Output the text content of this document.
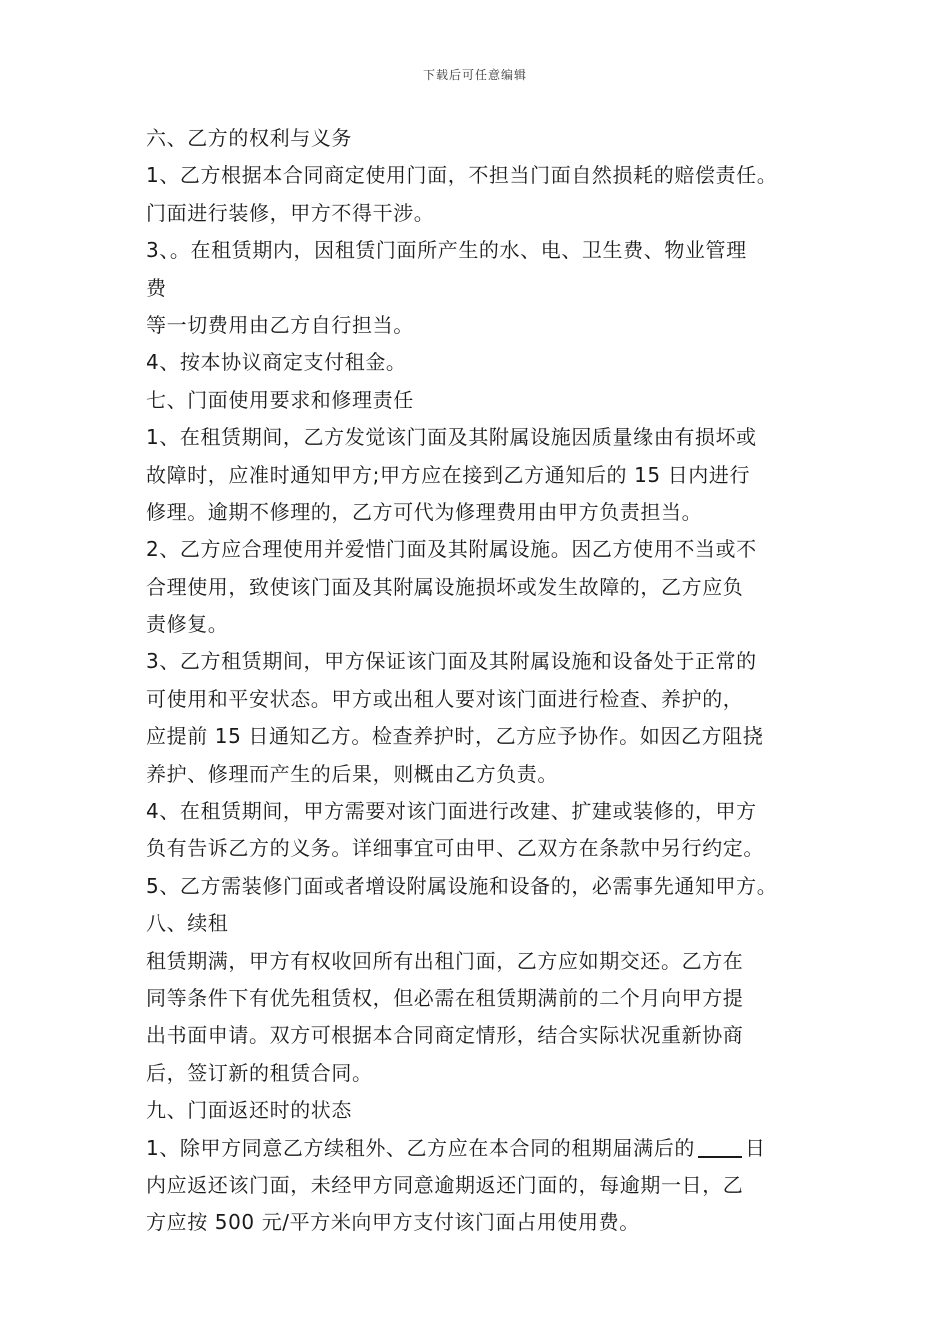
下载后可任意编辑
六、乙方的权利与义务
1、乙方根据本合同商定使用门面，不担当门面自然损耗的赔偿责任。
门面进行装修，甲方不得干涉。
3、。在租赁期内，因租赁门面所产生的水、电、卫生费、物业管理
费
等一切费用由乙方自行担当。
4、按本协议商定支付租金。
七、门面使用要求和修理责任
1、在租赁期间，乙方发觉该门面及其附属设施因质量缘由有损坏或
故障时，应准时通知甲方;甲方应在接到乙方通知后的 15 日内进行
修理。逾期不修理的，乙方可代为修理费用由甲方负责担当。
2、乙方应合理使用并爱惜门面及其附属设施。因乙方使用不当或不
合理使用，致使该门面及其附属设施损坏或发生故障的，乙方应负
责修复。
3、乙方租赁期间，甲方保证该门面及其附属设施和设备处于正常的
可使用和平安状态。甲方或出租人要对该门面进行检查、养护的，
应提前 15 日通知乙方。检查养护时，乙方应予协作。如因乙方阻挠
养护、修理而产生的后果，则概由乙方负责。
4、在租赁期间，甲方需要对该门面进行改建、扩建或装修的，甲方
负有告诉乙方的义务。详细事宜可由甲、乙双方在条款中另行约定。
5、乙方需装修门面或者增设附属设施和设备的，必需事先通知甲方。
八、续租
租赁期满，甲方有权收回所有出租门面，乙方应如期交还。乙方在
同等条件下有优先租赁权，但必需在租赁期满前的二个月向甲方提
出书面申请。双方可根据本合同商定情形，结合实际状况重新协商
后，签订新的租赁合同。
九、门面返还时的状态
1、除甲方同意乙方续租外、乙方应在本合同的租期届满后的	日
内应返还该门面，未经甲方同意逾期返还门面的，每逾期一日，乙
方应按 500 元/平方米向甲方支付该门面占用使用费。
